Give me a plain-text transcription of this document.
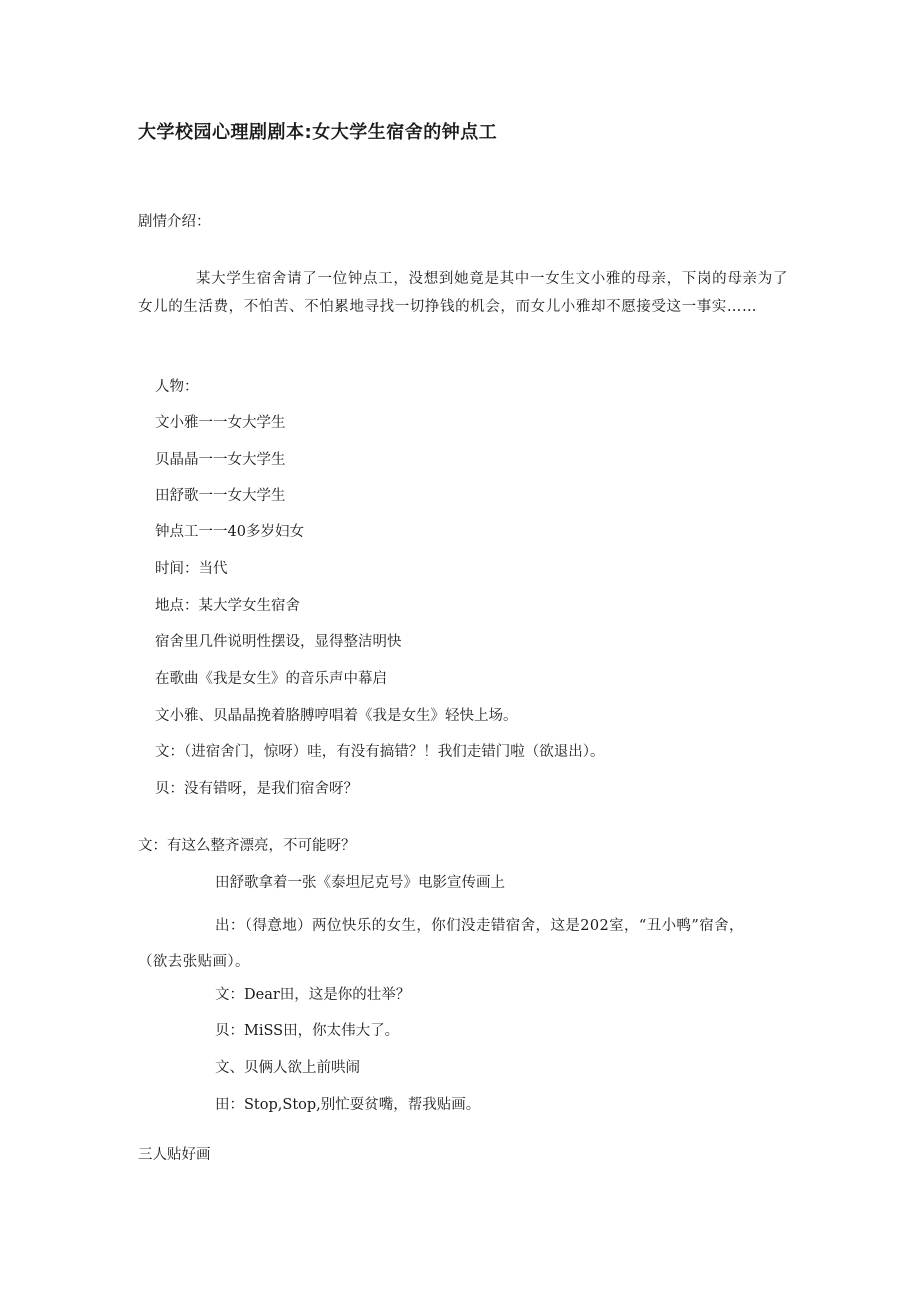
大学校园心理剧剧本:女大学生宿舍的钟点工
剧情介绍：
某大学生宿舍请了一位钟点工，没想到她竟是其中一女生文小雅的母亲，下岗的母亲为了女儿的生活费，不怕苦、不怕累地寻找一切挣钱的机会，而女儿小雅却不愿接受这一事实……
人物：
文小雅一一女大学生
贝晶晶一一女大学生
田舒歌一一女大学生
钟点工一一40多岁妇女
时间：当代
地点：某大学女生宿舍
宿舍里几件说明性摆设，显得整洁明快
在歌曲《我是女生》的音乐声中幕启
文小雅、贝晶晶挽着胳膊哼唱着《我是女生》轻快上场。
文：（进宿舍门，惊呀）哇，有没有搞错？！我们走错门啦（欲退出）。
贝：没有错呀，是我们宿舍呀？
文：有这么整齐漂亮，不可能呀？
田舒歌拿着一张《泰坦尼克号》电影宣传画上
出：（得意地）两位快乐的女生，你们没走错宿舍，这是202室，“丑小鸭”宿舍，（欲去张贴画）。
文：Dear田，这是你的壮举？
贝：MiSS田，你太伟大了。
文、贝俩人欲上前哄闹
田：Stop,Stop,别忙耍贫嘴，帮我贴画。
三人贴好画
